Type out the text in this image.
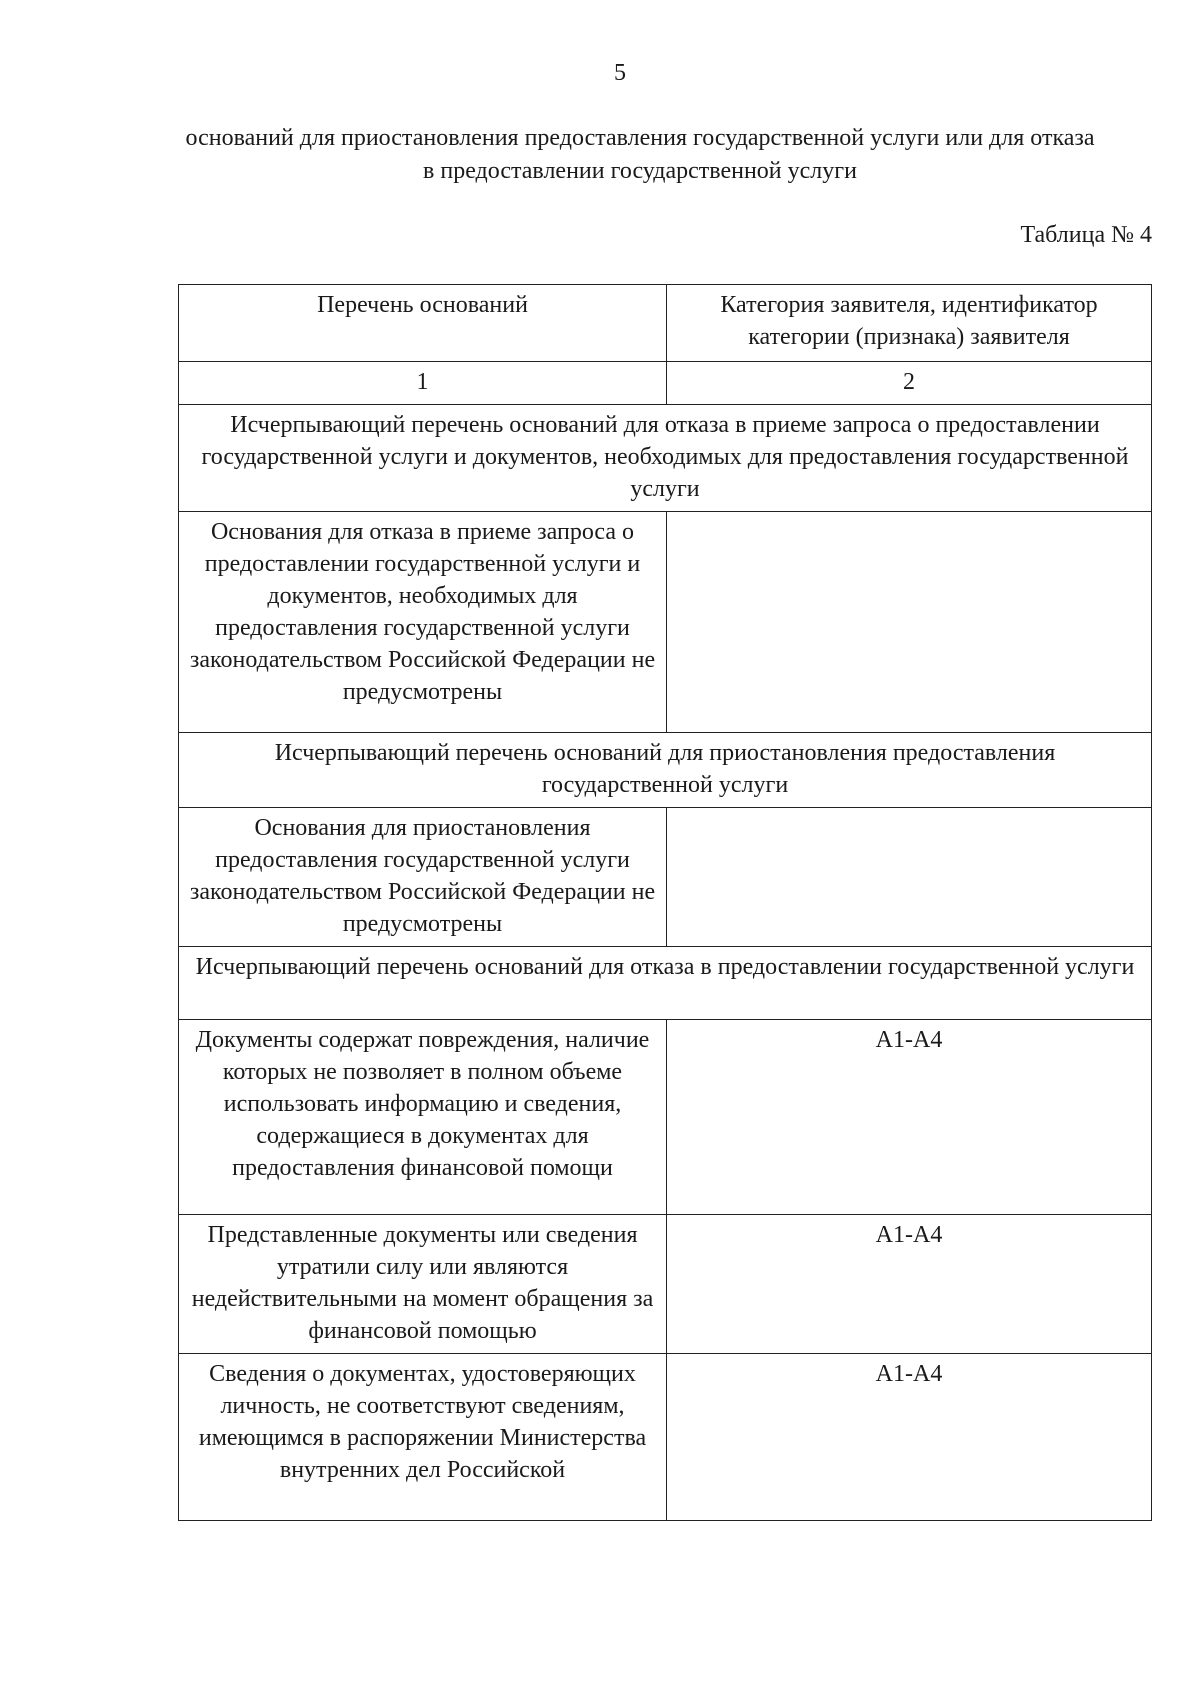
5
оснований для приостановления предоставления государственной услуги или для отказа в предоставлении государственной услуги
Таблица № 4
Перечень оснований	Категория заявителя, идентификатор категории (признака) заявителя
1	2
Исчерпывающий перечень оснований для отказа в приеме запроса о предоставлении государственной услуги и документов, необходимых для предоставления государственной услуги	
Основания для отказа в приеме запроса о предоставлении государственной услуги и документов, необходимых для предоставления государственной услуги законодательством Российской Федерации не предусмотрены	
Исчерпывающий перечень оснований для приостановления предоставления государственной услуги	
Основания для приостановления предоставления государственной услуги законодательством Российской Федерации не предусмотрены	
Исчерпывающий перечень оснований для отказа в предоставлении государственной услуги	
Документы содержат повреждения, наличие которых не позволяет в полном объеме использовать информацию и сведения, содержащиеся в документах для предоставления финансовой помощи	А1-А4
Представленные документы или сведения утратили силу или являются недействительными на момент обращения за финансовой помощью	А1-А4
Сведения о документах, удостоверяющих личность, не соответствуют сведениям, имеющимся в распоряжении Министерства внутренних дел Российской	А1-А4
